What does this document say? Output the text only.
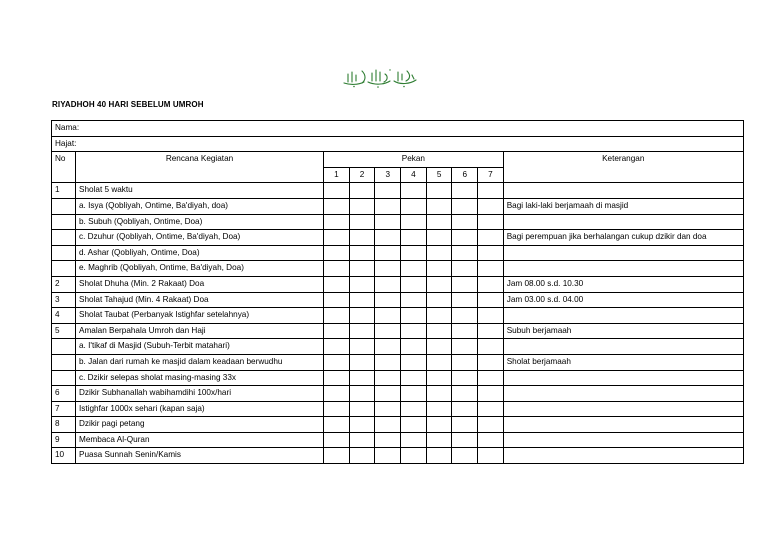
بسم الله الرحمن الرحيم
RIYADHOH 40 HARI SEBELUM UMROH
Nama:									
Hajat:									
No	Rencana Kegiatan	Pekan							Keterangan
		1	2	3	4	5	6	7	
1	Sholat 5 waktu								
	a. Isya (Qobliyah, Ontime, Ba'diyah, doa)								Bagi laki-laki berjamaah di masjid
	b. Subuh (Qobliyah, Ontime, Doa)								
	c. Dzuhur (Qobliyah, Ontime, Ba'diyah, Doa)								Bagi perempuan jika berhalangan cukup dzikir dan doa
	d. Ashar (Qobliyah, Ontime, Doa)								
	e. Maghrib (Qobliyah, Ontime, Ba'diyah, Doa)								
2	Sholat Dhuha (Min. 2 Rakaat) Doa								Jam 08.00 s.d. 10.30
3	Sholat Tahajud (Min. 4 Rakaat) Doa								Jam 03.00 s.d. 04.00
4	Sholat Taubat (Perbanyak Istighfar setelahnya)								
5	Amalan Berpahala Umroh dan Haji								Subuh berjamaah
	a. I'tikaf di Masjid (Subuh-Terbit matahari)								
	b. Jalan dari rumah ke masjid dalam keadaan berwudhu								Sholat berjamaah
	c. Dzikir selepas sholat masing-masing 33x								
6	Dzikir Subhanallah wabihamdihi 100x/hari								
7	Istighfar 1000x sehari (kapan saja)								
8	Dzikir pagi petang								
9	Membaca Al-Quran								
10	Puasa Sunnah Senin/Kamis								
